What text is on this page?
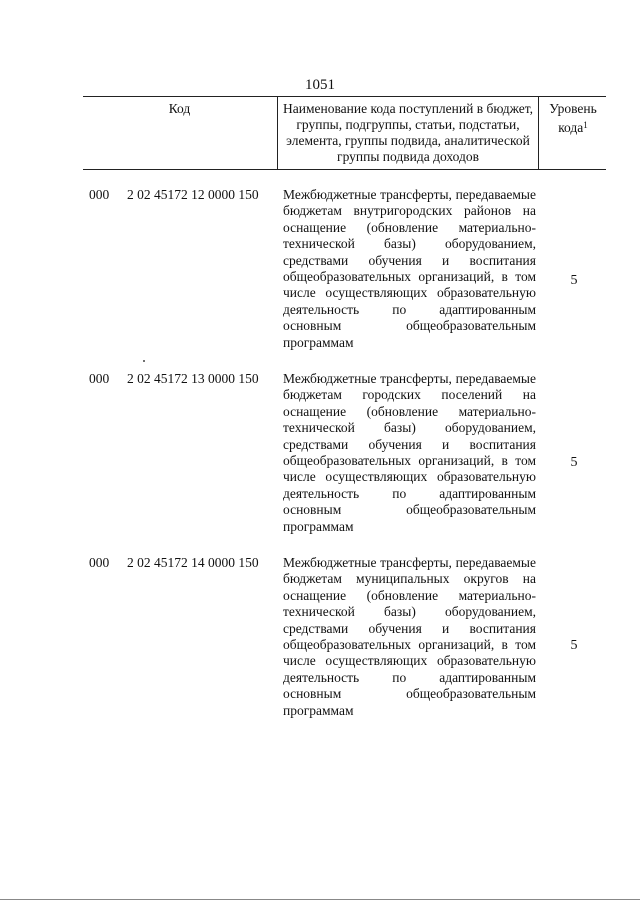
1051
Код	Наименование кода поступлений в бюджет, группы, подгруппы, статьи, подстатьи, элемента, группы подвида, аналитической группы подвида доходов
Уровень кода$^1$
000 2 02 45172 12 0000 150 Межбюджетные трансферты, передаваемые бюджетам внутригородских районов на оснащение (обновление материально-технической базы) оборудованием, средствами обучения и воспитания общеобразовательных организаций, в том числе осуществляющих образовательную деятельность по адаптированным основным общеобразовательным программам
5
000 2 02 45172 13 0000 150 Межбюджетные трансферты, передаваемые бюджетам городских поселений на оснащение (обновление материально-технической базы) оборудованием, средствами обучения и воспитания общеобразовательных организаций, в том числе осуществляющих образовательную деятельность по адаптированным основным общеобразовательным программам
5
000 2 02 45172 14 0000 150 Межбюджетные трансферты, передаваемые бюджетам муниципальных округов на оснащение (обновление материально-технической базы) оборудованием, средствами обучения и воспитания общеобразовательных организаций, в том числе осуществляющих образовательную деятельность по адаптированным основным общеобразовательным программам
5
